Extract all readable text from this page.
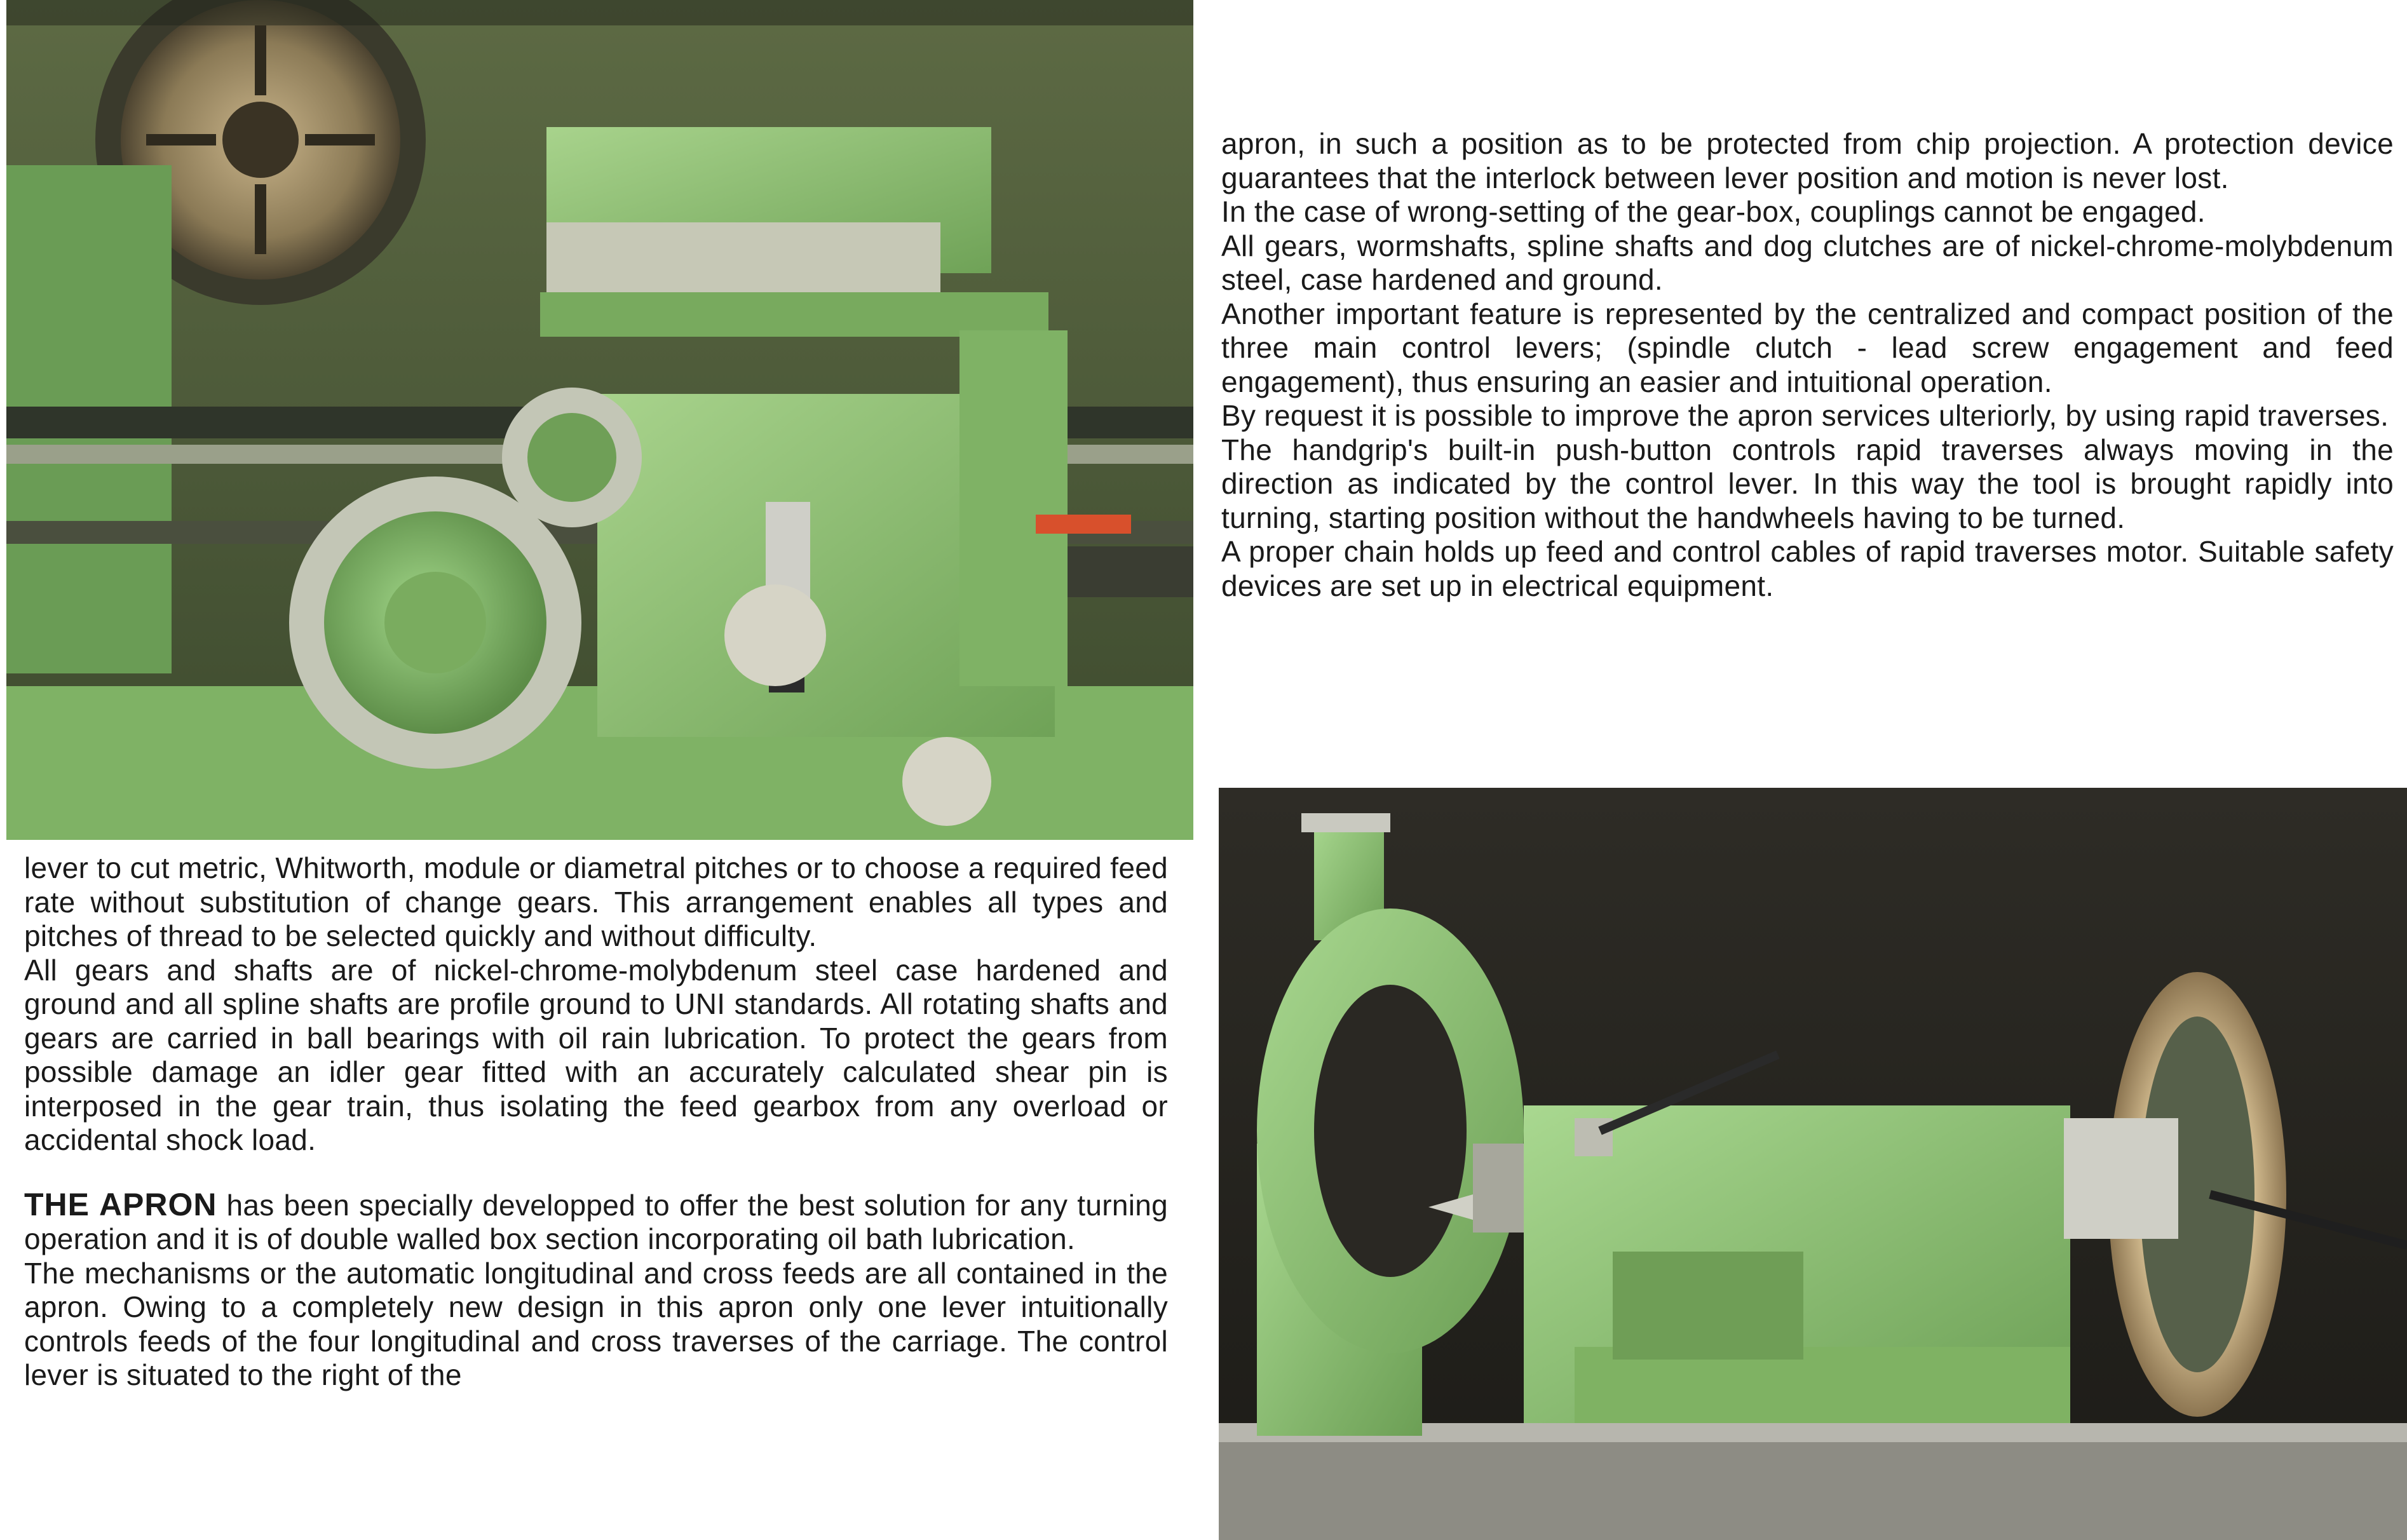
apron, in such a position as to be protected from chip projection. A protection device guarantees that the interlock between lever position and motion is never lost.

In the case of wrong-setting of the gear-box, couplings cannot be engaged.

All gears, wormshafts, spline shafts and dog clutches are of nickel-chrome-molybdenum steel, case hardened and ground.

Another important feature is represented by the centralized and compact position of the three main control levers; (spindle clutch - lead screw engagement and feed engagement), thus ensuring an easier and intuitional operation.

By request it is possible to improve the apron services ulteriorly, by using rapid traverses.

The handgrip's built-in push-button controls rapid traverses always moving in the direction as indicated by the control lever. In this way the tool is brought rapidly into turning, starting position without the handwheels having to be turned.

A proper chain holds up feed and control cables of rapid traverses motor. Suitable safety devices are set up in electrical equipment.

lever to cut metric, Whitworth, module or diametral pitches or to choose a required feed rate without substitution of change gears. This arrangement enables all types and pitches of thread to be selected quickly and without difficulty.

All gears and shafts are of nickel-chrome-molybdenum steel case hardened and ground and all spline shafts are profile ground to UNI standards. All rotating shafts and gears are carried in ball bearings with oil rain lubrication. To protect the gears from possible damage an idler gear fitted with an accurately calculated shear pin is interposed in the gear train, thus isolating the feed gearbox from any overload or accidental shock load.

THE APRON has been specially developped to offer the best solution for any turning operation and it is of double walled box section incorporating oil bath lubrication.

The mechanisms or the automatic longitudinal and cross feeds are all contained in the apron. Owing to a completely new design in this apron only one lever intuitionally controls feeds of the four longitudinal and cross traverses of the carriage. The control lever is situated to the right of the
